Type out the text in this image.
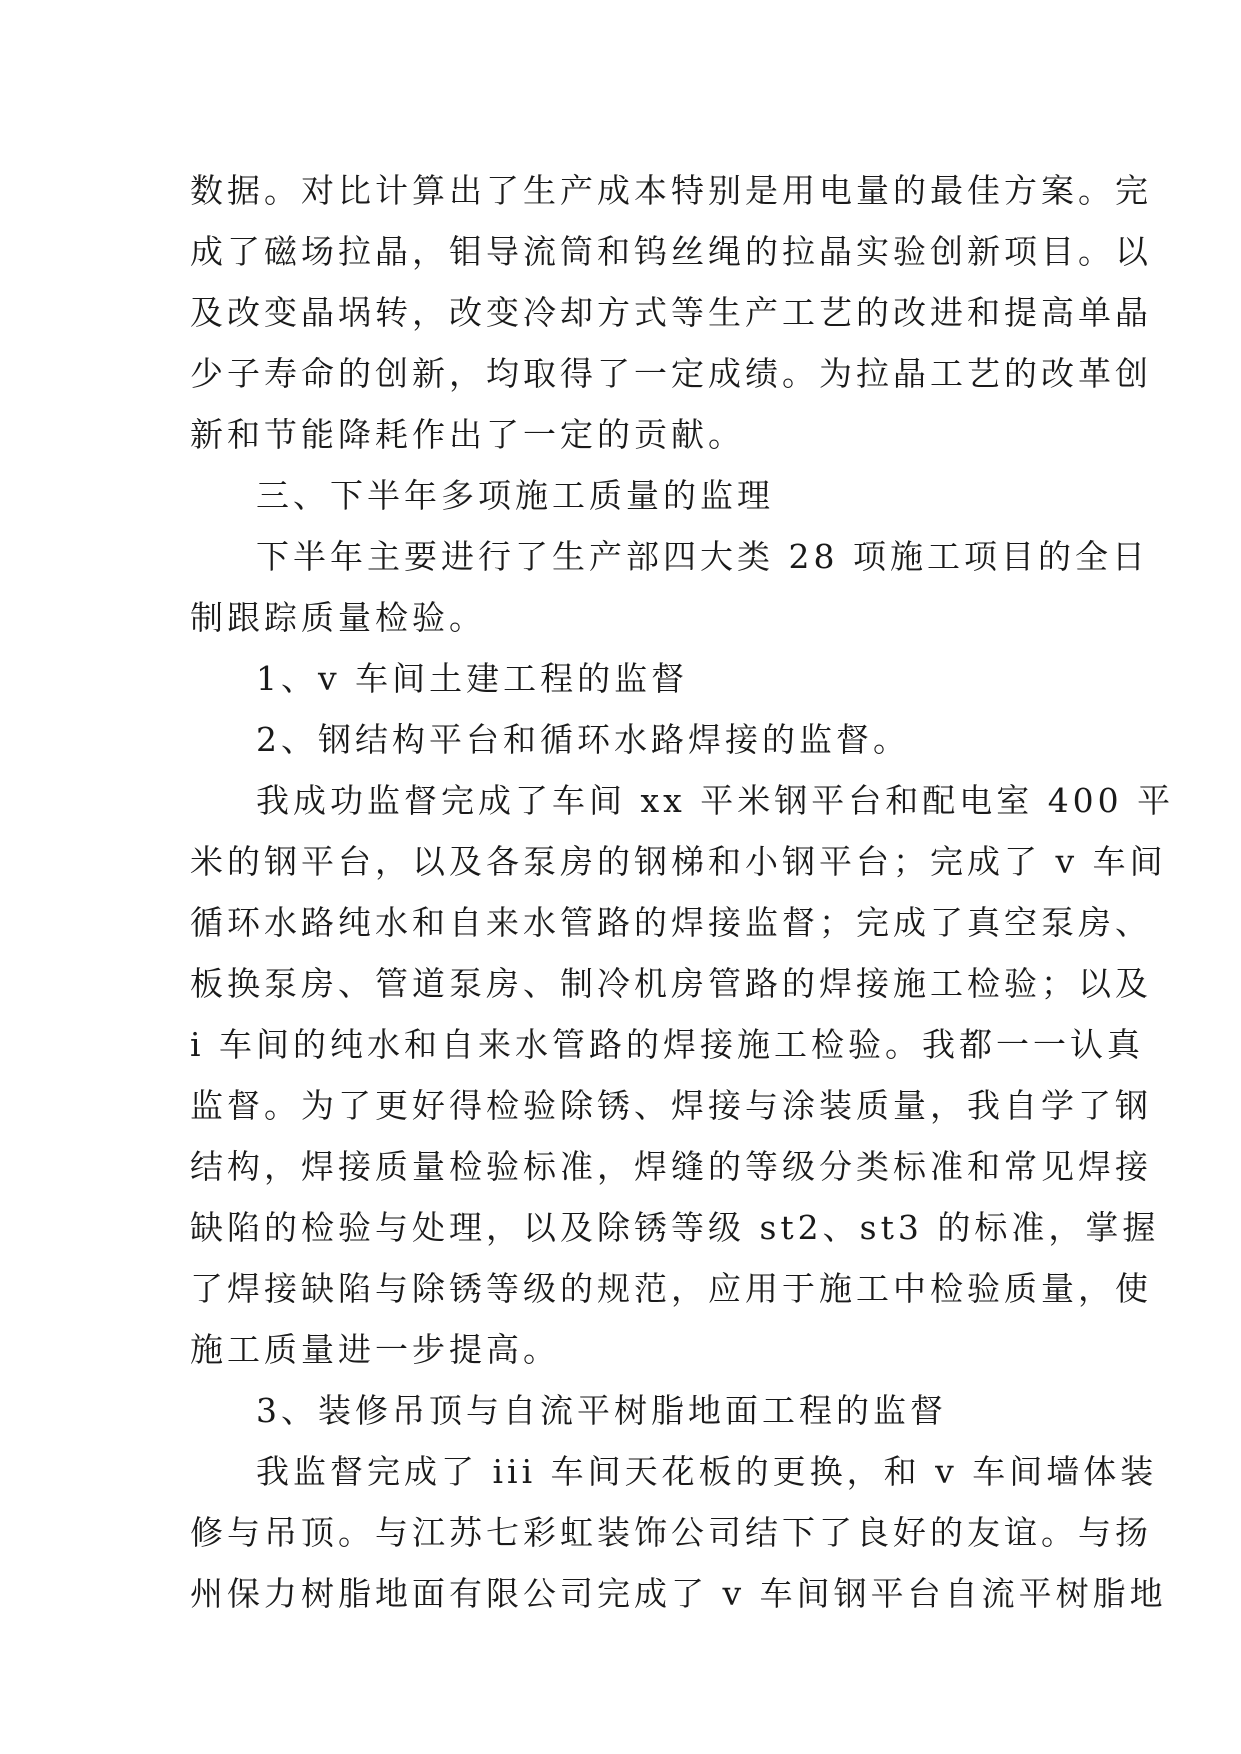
数据。对比计算出了生产成本特别是用电量的最佳方案。完
成了磁场拉晶，钼导流筒和钨丝绳的拉晶实验创新项目。以
及改变晶埚转，改变冷却方式等生产工艺的改进和提高单晶
少子寿命的创新，均取得了一定成绩。为拉晶工艺的改革创
新和节能降耗作出了一定的贡献。
三、下半年多项施工质量的监理
下半年主要进行了生产部四大类 28 项施工项目的全日
制跟踪质量检验。
1、v 车间土建工程的监督
2、钢结构平台和循环水路焊接的监督。
我成功监督完成了车间 xx 平米钢平台和配电室 400 平
米的钢平台，以及各泵房的钢梯和小钢平台；完成了 v 车间
循环水路纯水和自来水管路的焊接监督；完成了真空泵房、
板换泵房、管道泵房、制冷机房管路的焊接施工检验；以及
i 车间的纯水和自来水管路的焊接施工检验。我都一一认真
监督。为了更好得检验除锈、焊接与涂装质量，我自学了钢
结构，焊接质量检验标准，焊缝的等级分类标准和常见焊接
缺陷的检验与处理，以及除锈等级 st2、st3 的标准，掌握
了焊接缺陷与除锈等级的规范，应用于施工中检验质量，使
施工质量进一步提高。
3、装修吊顶与自流平树脂地面工程的监督
我监督完成了 iii 车间天花板的更换，和 v 车间墙体装
修与吊顶。与江苏七彩虹装饰公司结下了良好的友谊。与扬
州保力树脂地面有限公司完成了 v 车间钢平台自流平树脂地
